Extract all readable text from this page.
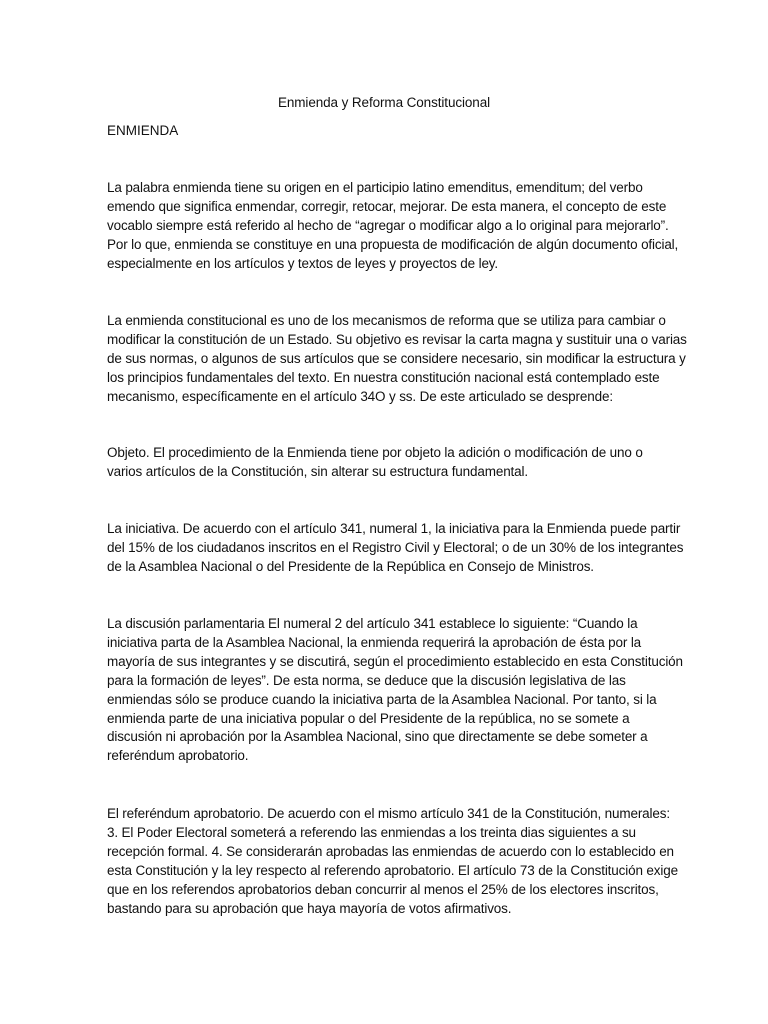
Enmienda y Reforma Constitucional
ENMIENDA
La palabra enmienda tiene su origen en el participio latino emenditus, emenditum; del verbo
emendo que significa enmendar, corregir, retocar, mejorar. De esta manera, el concepto de este
vocablo siempre está referido al hecho de “agregar o modificar algo a lo original para mejorarlo”.
Por lo que, enmienda se constituye en una propuesta de modificación de algún documento oficial,
especialmente en los artículos y textos de leyes y proyectos de ley.
La enmienda constitucional es uno de los mecanismos de reforma que se utiliza para cambiar o
modificar la constitución de un Estado. Su objetivo es revisar la carta magna y sustituir una o varias
de sus normas, o algunos de sus artículos que se considere necesario, sin modificar la estructura y
los principios fundamentales del texto. En nuestra constitución nacional está contemplado este
mecanismo, específicamente en el artículo 34O y ss. De este articulado se desprende:
Objeto. El procedimiento de la Enmienda tiene por objeto la adición o modificación de uno o
varios artículos de la Constitución, sin alterar su estructura fundamental.
La iniciativa. De acuerdo con el artículo 341, numeral 1, la iniciativa para la Enmienda puede partir
del 15% de los ciudadanos inscritos en el Registro Civil y Electoral; o de un 30% de los integrantes
de la Asamblea Nacional o del Presidente de la República en Consejo de Ministros.
La discusión parlamentaria El numeral 2 del artículo 341 establece lo siguiente: “Cuando la
iniciativa parta de la Asamblea Nacional, la enmienda requerirá la aprobación de ésta por la
mayoría de sus integrantes y se discutirá, según el procedimiento establecido en esta Constitución
para la formación de leyes”. De esta norma, se deduce que la discusión legislativa de las
enmiendas sólo se produce cuando la iniciativa parta de la Asamblea Nacional. Por tanto, si la
enmienda parte de una iniciativa popular o del Presidente de la república, no se somete a
discusión ni aprobación por la Asamblea Nacional, sino que directamente se debe someter a
referéndum aprobatorio.
El referéndum aprobatorio. De acuerdo con el mismo artículo 341 de la Constitución, numerales:
3. El Poder Electoral someterá a referendo las enmiendas a los treinta dias siguientes a su
recepción formal. 4. Se considerarán aprobadas las enmiendas de acuerdo con lo establecido en
esta Constitución y la ley respecto al referendo aprobatorio. El artículo 73 de la Constitución exige
que en los referendos aprobatorios deban concurrir al menos el 25% de los electores inscritos,
bastando para su aprobación que haya mayoría de votos afirmativos.
